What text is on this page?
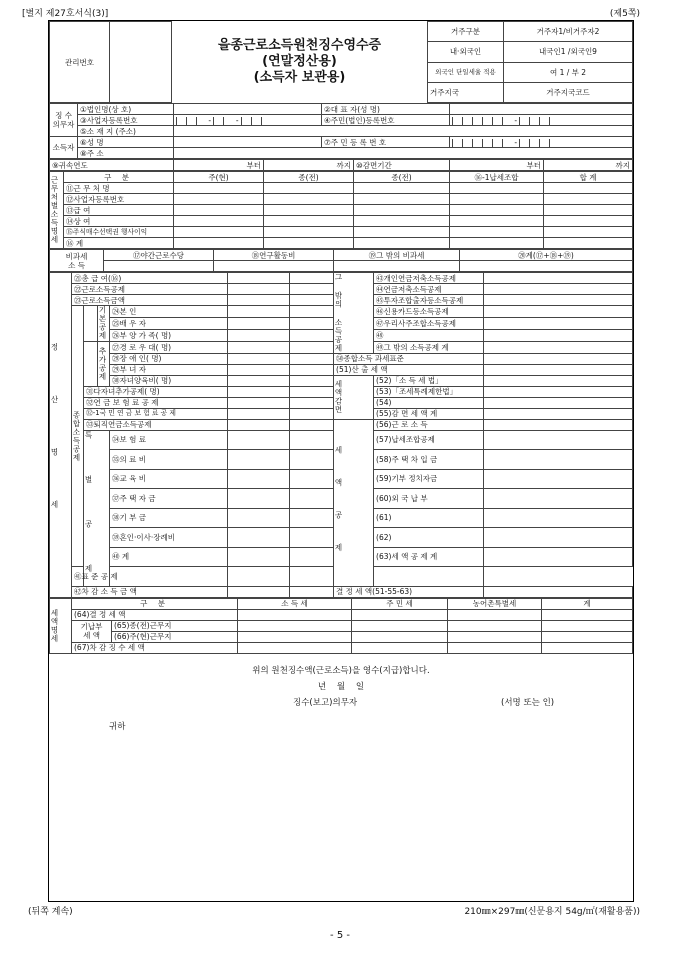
[별지 제27호서식(3)]	(제5쪽)
관리번호		을종근로소득원천징수영수증
(연말정산용)
(소득자 보관용)	거주구분	거주자1/비거주자2
			내·외국인	내국인1 /외국인9
			외국인 단일세율 적용	여 1 / 부 2
			거주지국	거주지국코드
징 수
의무자	①법인명(상 호)		②대 표 자(성 명)	
	③사업자등록번호	- -	④주민(법인)등록번호	-
	⑤소 재 지 (주소)			
소득자	⑥성 명		⑦주 민 등 록 번 호	-
	⑧주 소			
⑨귀속연도	부터	까지	⑩감면기간	부터	까지
근무처별소득명세	구 분	주(현)	종(전)	종(전)	⑯-1납세조합	합 계
	⑪근 무 처 명					
	⑫사업자등록번호					
	⑬급 여					
	⑭상 여					
	⑮주식매수선택권 행사이익					
	⑯ 계					
비과세
소 득	⑰야간근로수당	⑱연구활동비	⑲그 밖의 비과세	⑳계(⑰+⑱+⑲)

정 산 명 세	㉑총 급 여(⑯)						그 밖의 소득공제	㊸개인연금저축소득공제	
	㉒근로소득공제							㊹연금저축소득공제	
	㉓근로소득금액							㊺투자조합출자등소득공제	

	종합소득공제		기본공제	㉔본 인				㊻신용카드등소득공제	
				㉕배 우 자				㊼우리사주조합소득공제	
				㉖부 양 가 족( 명)				㊽	

			추가공제	㉗경 로 우 대( 명)				㊾그 밖의 소득공제 계	
				㉘장 애 인( 명)			㊿종합소득 과세표준		
				㉙부 녀 자			(51)산 출 세 액		
				㉚자녀양육비( 명)			세액감면	(52)「소 득 세 법」	
		㉛다자녀추가공제( 명)						(53)「조세특례제한법」	
		㉜연 금 보 험 료 공 제						(54)	
		㉜-1국 민 연 금 보 험 료 공 제						(55)감 면 세 액 계	
		㉝퇴직연금소득공제					세 액 공 제	(56)근 로 소 득	

		특 별 공 제		㉞보 험 료				(57)납세조합공제	
				㉟의 료 비				(58)주 택 차 입 금	
				㊱교 육 비				(59)기부 정치자금	
				㊲주 택 자 금				(60)외 국 납 부	
				㊳기 부 금				(61)	
				㊴혼인·이사·장례비				(62)	
				㊵ 계				(63)세 액 공 제 계	
	㊶표 준 공 제								
	㊷차 감 소 득 금 액						결 정 세 액(51-55-63)		
세액명세	구 분		소 득 세	주 민 세	농어촌특별세	계
	(64)결 정 세 액					
	기납부
세 액	(65)종(전)근무지				
		(66)주(현)근무지				
	(67)차 감 징 수 세 액					
위의 원천징수액(근로소득)을 영수(지급)합니다.
년    월    일
징수(보고)의무자	(서명 또는 인)
귀하
(뒤쪽 계속)	210㎜×297㎜(신문용지 54g/㎡(재활용품))
- 5 -
